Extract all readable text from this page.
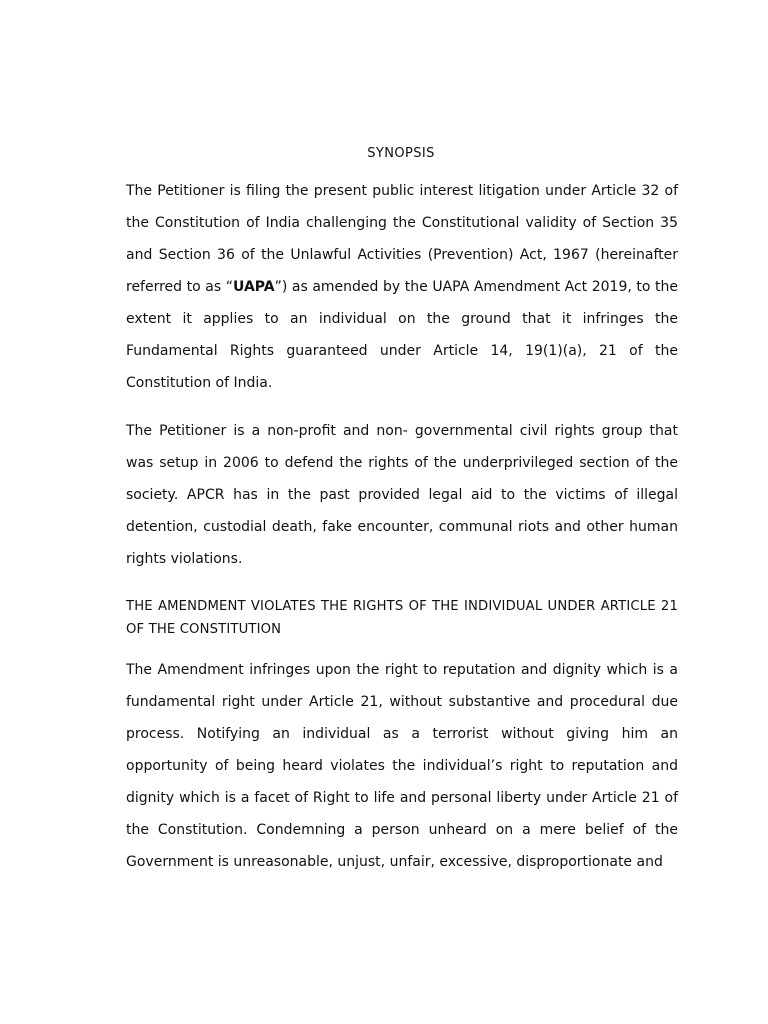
SYNOPSIS

The Petitioner is filing the present public interest litigation under Article 32 of the Constitution of India challenging the Constitutional validity of Section 35 and Section 36 of the Unlawful Activities (Prevention) Act, 1967 (hereinafter referred to as “UAPA”) as amended by the UAPA Amendment Act 2019, to the extent it applies to an individual on the ground that it infringes the Fundamental Rights guaranteed under Article 14, 19(1)(a), 21 of the Constitution of India.

The Petitioner is a non-profit and non- governmental civil rights group that was setup in 2006 to defend the rights of the underprivileged section of the society. APCR has in the past provided legal aid to the victims of illegal detention, custodial death, fake encounter, communal riots and other human rights violations.

THE AMENDMENT VIOLATES THE RIGHTS OF THE INDIVIDUAL UNDER ARTICLE 21 OF THE CONSTITUTION

The Amendment infringes upon the right to reputation and dignity which is a fundamental right under Article 21, without substantive and procedural due process. Notifying an individual as a terrorist without giving him an opportunity of being heard violates the individual’s right to reputation and dignity which is a facet of Right to life and personal liberty under Article 21 of the Constitution. Condemning a person unheard on a mere belief of the Government is unreasonable, unjust, unfair, excessive, disproportionate and
